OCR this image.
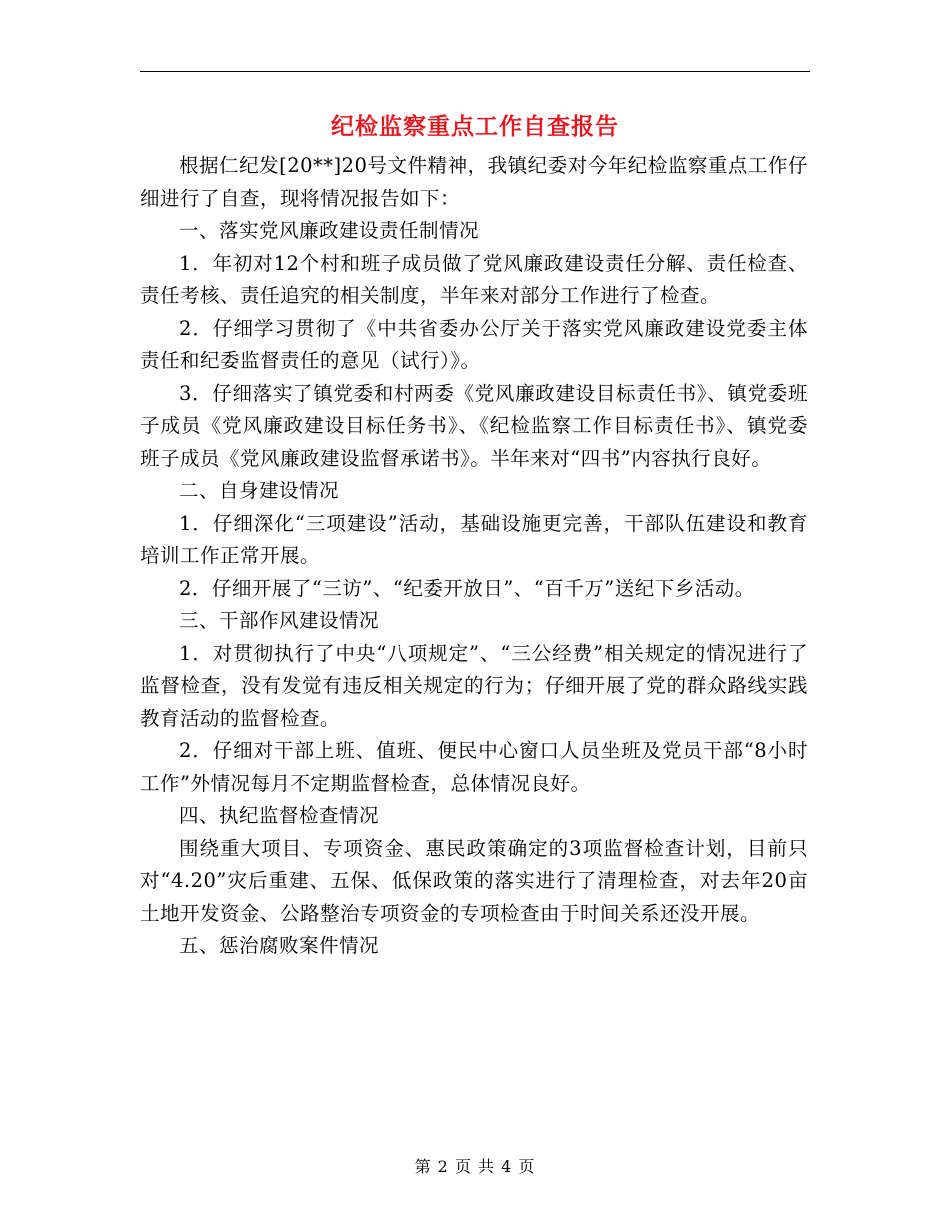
纪检监察重点工作自查报告

根据仁纪发[20**]20号文件精神，我镇纪委对今年纪检监察重点工作仔细进行了自查，现将情况报告如下：

一、落实党风廉政建设责任制情况

1．年初对12个村和班子成员做了党风廉政建设责任分解、责任检查、责任考核、责任追究的相关制度，半年来对部分工作进行了检查。

2．仔细学习贯彻了《中共省委办公厅关于落实党风廉政建设党委主体责任和纪委监督责任的意见（试行）》。

3．仔细落实了镇党委和村两委《党风廉政建设目标责任书》、镇党委班子成员《党风廉政建设目标任务书》、《纪检监察工作目标责任书》、镇党委班子成员《党风廉政建设监督承诺书》。半年来对“四书”内容执行良好。

二、自身建设情况

1．仔细深化“三项建设”活动，基础设施更完善，干部队伍建设和教育培训工作正常开展。

2．仔细开展了“三访”、“纪委开放日”、“百千万”送纪下乡活动。

三、干部作风建设情况

1．对贯彻执行了中央“八项规定”、“三公经费”相关规定的情况进行了监督检查，没有发觉有违反相关规定的行为；仔细开展了党的群众路线实践教育活动的监督检查。

2．仔细对干部上班、值班、便民中心窗口人员坐班及党员干部“8小时工作”外情况每月不定期监督检查，总体情况良好。

四、执纪监督检查情况

围绕重大项目、专项资金、惠民政策确定的3项监督检查计划，目前只对“4.20”灾后重建、五保、低保政策的落实进行了清理检查，对去年20亩土地开发资金、公路整治专项资金的专项检查由于时间关系还没开展。

五、惩治腐败案件情况

第 2 页 共 4 页
